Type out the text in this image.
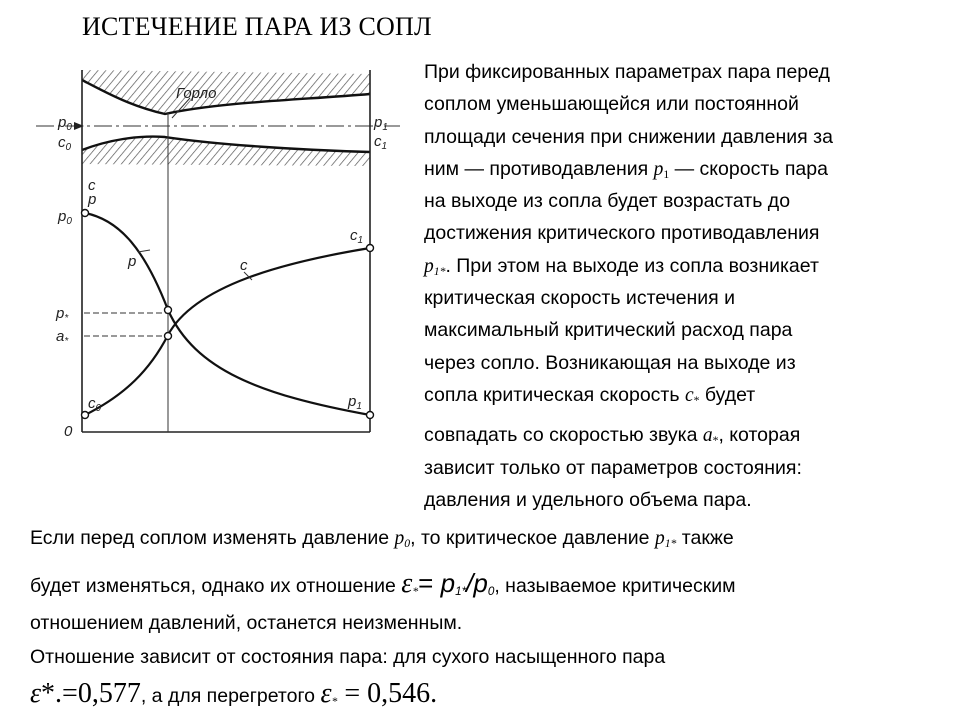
ИСТЕЧЕНИЕ ПАРА ИЗ СОПЛ
Горло
$p_0$
$c_0$
$p_1$
$c_1$
c
p
$p_0$
$p_*$
$a_*$
$c_0$
0
p	c
$c_1$
$p_1$
При фиксированных параметрах пара перед
соплом уменьшающейся или постоянной
площади сечения при снижении давления за
ним — противодавления $p_1$ — скорость пара
на выходе из сопла будет возрастать до
достижения критического противодавления
$p_{1*}$. При этом на выходе из сопла возникает
критическая скорость истечения и
максимальный критический расход пара
через сопло. Возникающая на выходе из
сопла критическая скорость $c_*$ будет
совпадать со скоростью звука $a_*$, которая
зависит только от параметров состояния:
давления и удельного объема пара.
Если перед соплом изменять давление $p_0$, то критическое давление $p_{1*}$ также
будет изменяться, однако их отношение $\varepsilon_*= p_{1*}/p_0$, называемое критическим
отношением давлений, останется неизменным.
Отношение зависит от состояния пара: для сухого насыщенного пара
ε*.=0,577, а для перегретого $\varepsilon_* = 0,546$.
